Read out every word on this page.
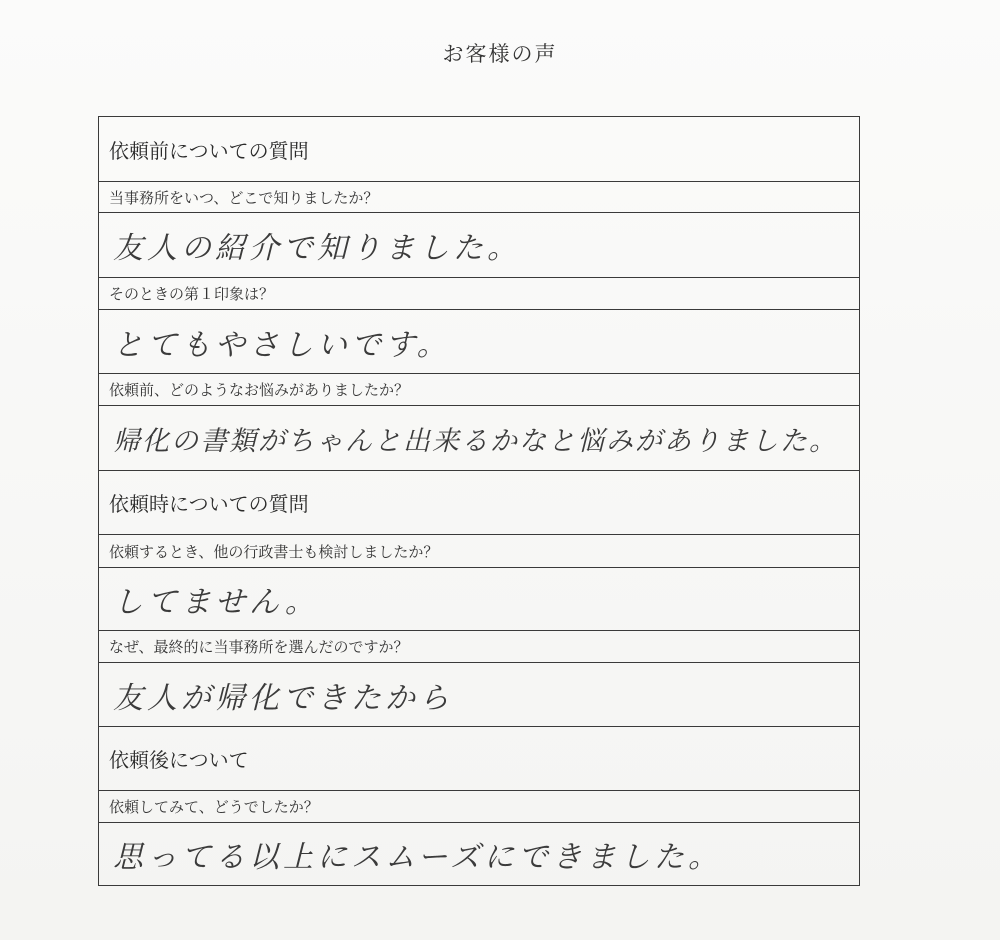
お客様の声
依頼前についての質問
当事務所をいつ、どこで知りましたか？
友人の紹介で知りました。
そのときの第１印象は？
とてもやさしいです。
依頼前、どのようなお悩みがありましたか？
帰化の書類がちゃんと出来るかなと悩みがありました。
依頼時についての質問
依頼するとき、他の行政書士も検討しましたか？
してません。
なぜ、最終的に当事務所を選んだのですか？
友人が帰化できたから
依頼後について
依頼してみて、どうでしたか？
思ってる以上にスムーズにできました。
